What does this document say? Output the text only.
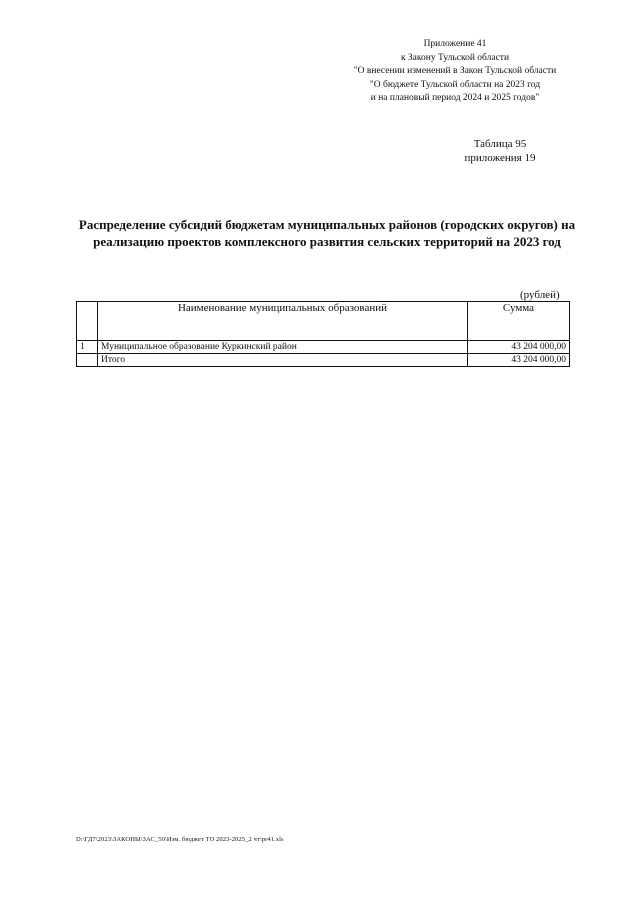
Приложение 41
к Закону Тульской области
"О внесении изменений в Закон Тульской области
"О бюджете Тульской области на 2023 год
и на плановый период 2024 и 2025 годов"
Таблица 95
приложения 19
Распределение субсидий бюджетам муниципальных районов (городских округов) на
реализацию проектов комплексного развития сельских территорий на 2023 год
(рублей)
	Наименование муниципальных образований	Сумма
1	Муниципальное образование Куркинский район	43 204 000,00
	Итого	43 204 000,00
D:\ГД7\2023\ЗАКОНЫ\ЗАС_50\Изм. бюджет ТО 2023-2025_2 чт\pr41.xls
